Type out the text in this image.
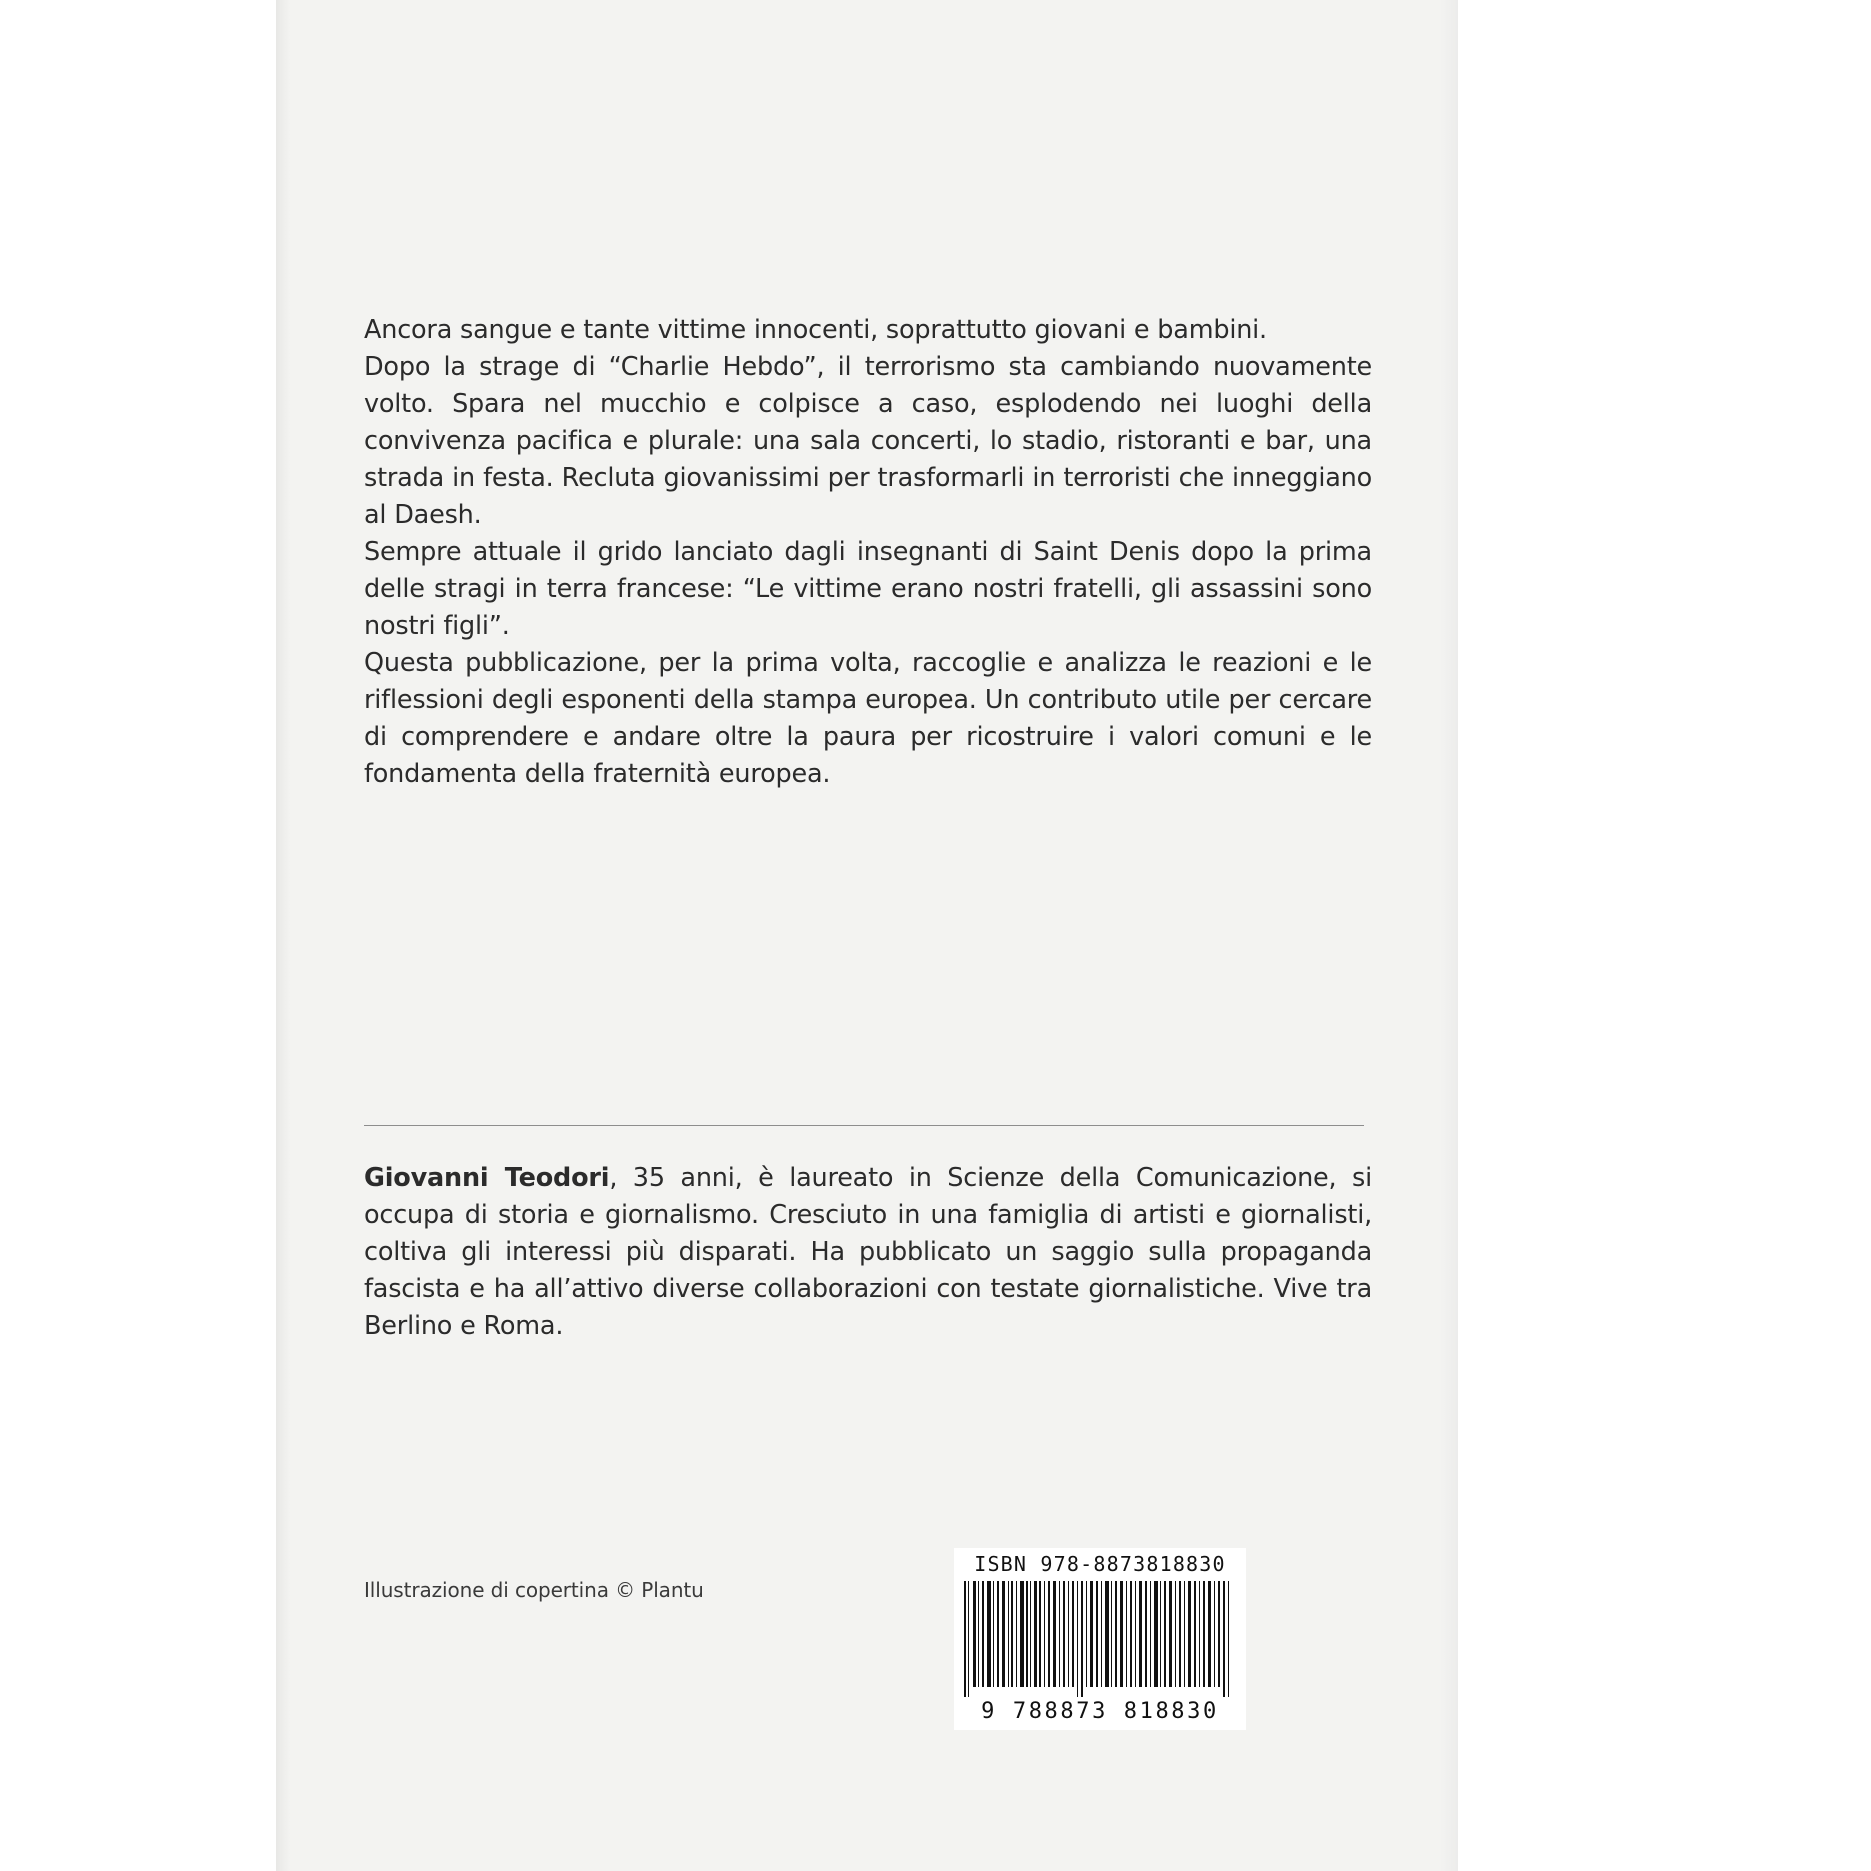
Ancora sangue e tante vittime innocenti, soprattutto giovani e bambini.

Dopo la strage di “Charlie Hebdo”, il terrorismo sta cambiando nuovamente volto. Spara nel mucchio e colpisce a caso, esplodendo nei luoghi della convivenza pacifica e plurale: una sala concerti, lo stadio, ristoranti e bar, una strada in festa. Recluta giovanissimi per trasformarli in terroristi che inneggiano al Daesh.

Sempre attuale il grido lanciato dagli insegnanti di Saint Denis dopo la prima delle stragi in terra francese: “Le vittime erano nostri fratelli, gli assassini sono nostri figli”.

Questa pubblicazione, per la prima volta, raccoglie e analizza le reazioni e le riflessioni degli esponenti della stampa europea. Un contributo utile per cercare di comprendere e andare oltre la paura per ricostruire i valori comuni e le fondamenta della fraternità europea.

Giovanni Teodori, 35 anni, è laureato in Scienze della Comunicazione, si occupa di storia e giornalismo. Cresciuto in una famiglia di artisti e giornalisti, coltiva gli interessi più disparati. Ha pubblicato un saggio sulla propaganda fascista e ha all’attivo diverse collaborazioni con testate giornalistiche. Vive tra Berlino e Roma.
Illustrazione di copertina © Plantu
ISBN 978-8873818830
9 788873 818830
